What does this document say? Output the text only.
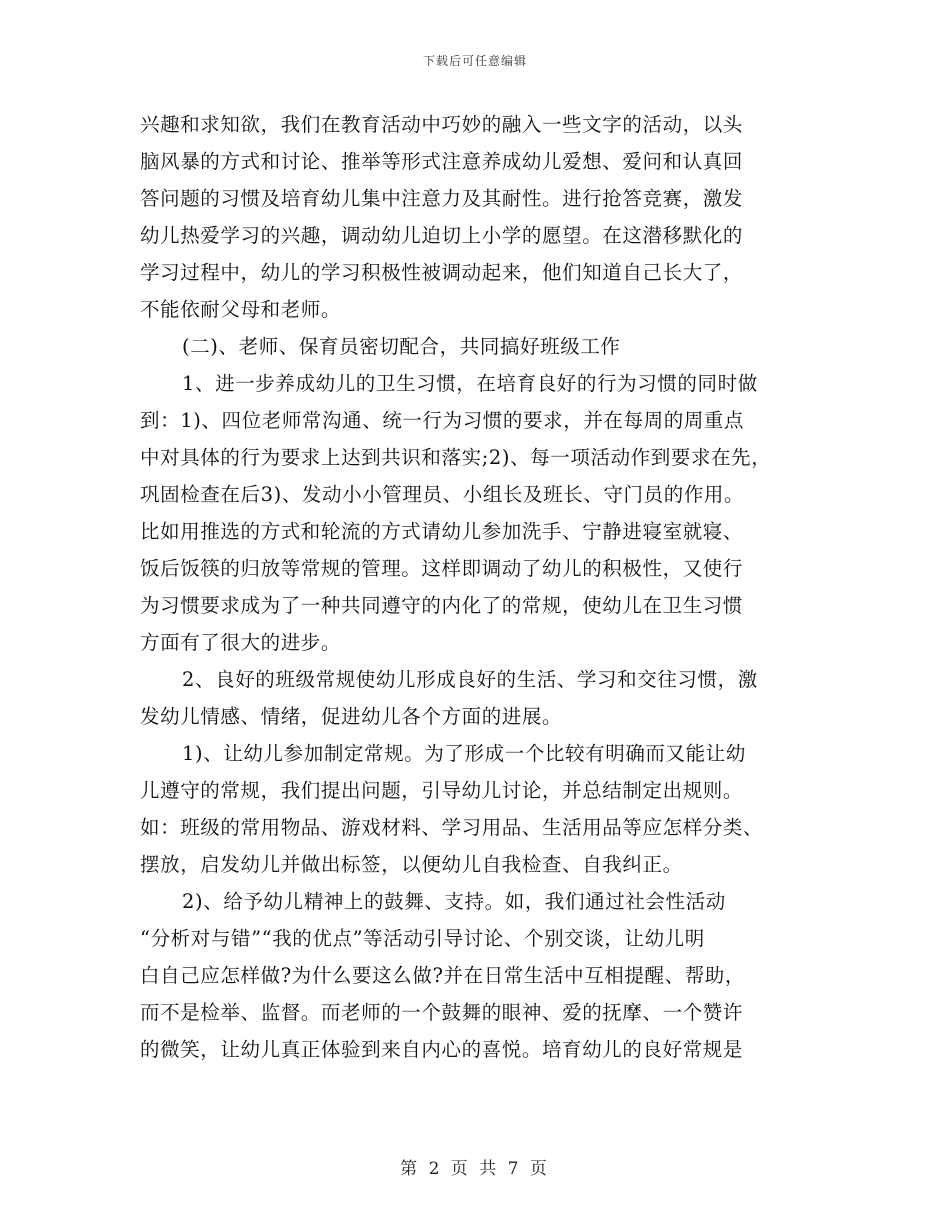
下载后可任意编辑
兴趣和求知欲，我们在教育活动中巧妙的融入一些文字的活动，以头
脑风暴的方式和讨论、推举等形式注意养成幼儿爱想、爱问和认真回
答问题的习惯及培育幼儿集中注意力及其耐性。进行抢答竞赛，激发
幼儿热爱学习的兴趣，调动幼儿迫切上小学的愿望。在这潜移默化的
学习过程中，幼儿的学习积极性被调动起来，他们知道自己长大了，
不能依耐父母和老师。
(二)、老师、保育员密切配合，共同搞好班级工作
1、进一步养成幼儿的卫生习惯，在培育良好的行为习惯的同时做
到：1)、四位老师常沟通、统一行为习惯的要求，并在每周的周重点
中对具体的行为要求上达到共识和落实;2)、每一项活动作到要求在先，
巩固检查在后3)、发动小小管理员、小组长及班长、守门员的作用。
比如用推选的方式和轮流的方式请幼儿参加洗手、宁静进寝室就寝、
饭后饭筷的归放等常规的管理。这样即调动了幼儿的积极性，又使行
为习惯要求成为了一种共同遵守的内化了的常规，使幼儿在卫生习惯
方面有了很大的进步。
2、良好的班级常规使幼儿形成良好的生活、学习和交往习惯，激
发幼儿情感、情绪，促进幼儿各个方面的进展。
1)、让幼儿参加制定常规。为了形成一个比较有明确而又能让幼
儿遵守的常规，我们提出问题，引导幼儿讨论，并总结制定出规则。
如：班级的常用物品、游戏材料、学习用品、生活用品等应怎样分类、
摆放，启发幼儿并做出标签，以便幼儿自我检查、自我纠正。
2)、给予幼儿精神上的鼓舞、支持。如，我们通过社会性活动
“分析对与错”“我的优点”等活动引导讨论、个别交谈，让幼儿明
白自己应怎样做?为什么要这么做?并在日常生活中互相提醒、帮助，
而不是检举、监督。而老师的一个鼓舞的眼神、爱的抚摩、一个赞许
的微笑，让幼儿真正体验到来自内心的喜悦。培育幼儿的良好常规是
第 2 页 共 7 页
